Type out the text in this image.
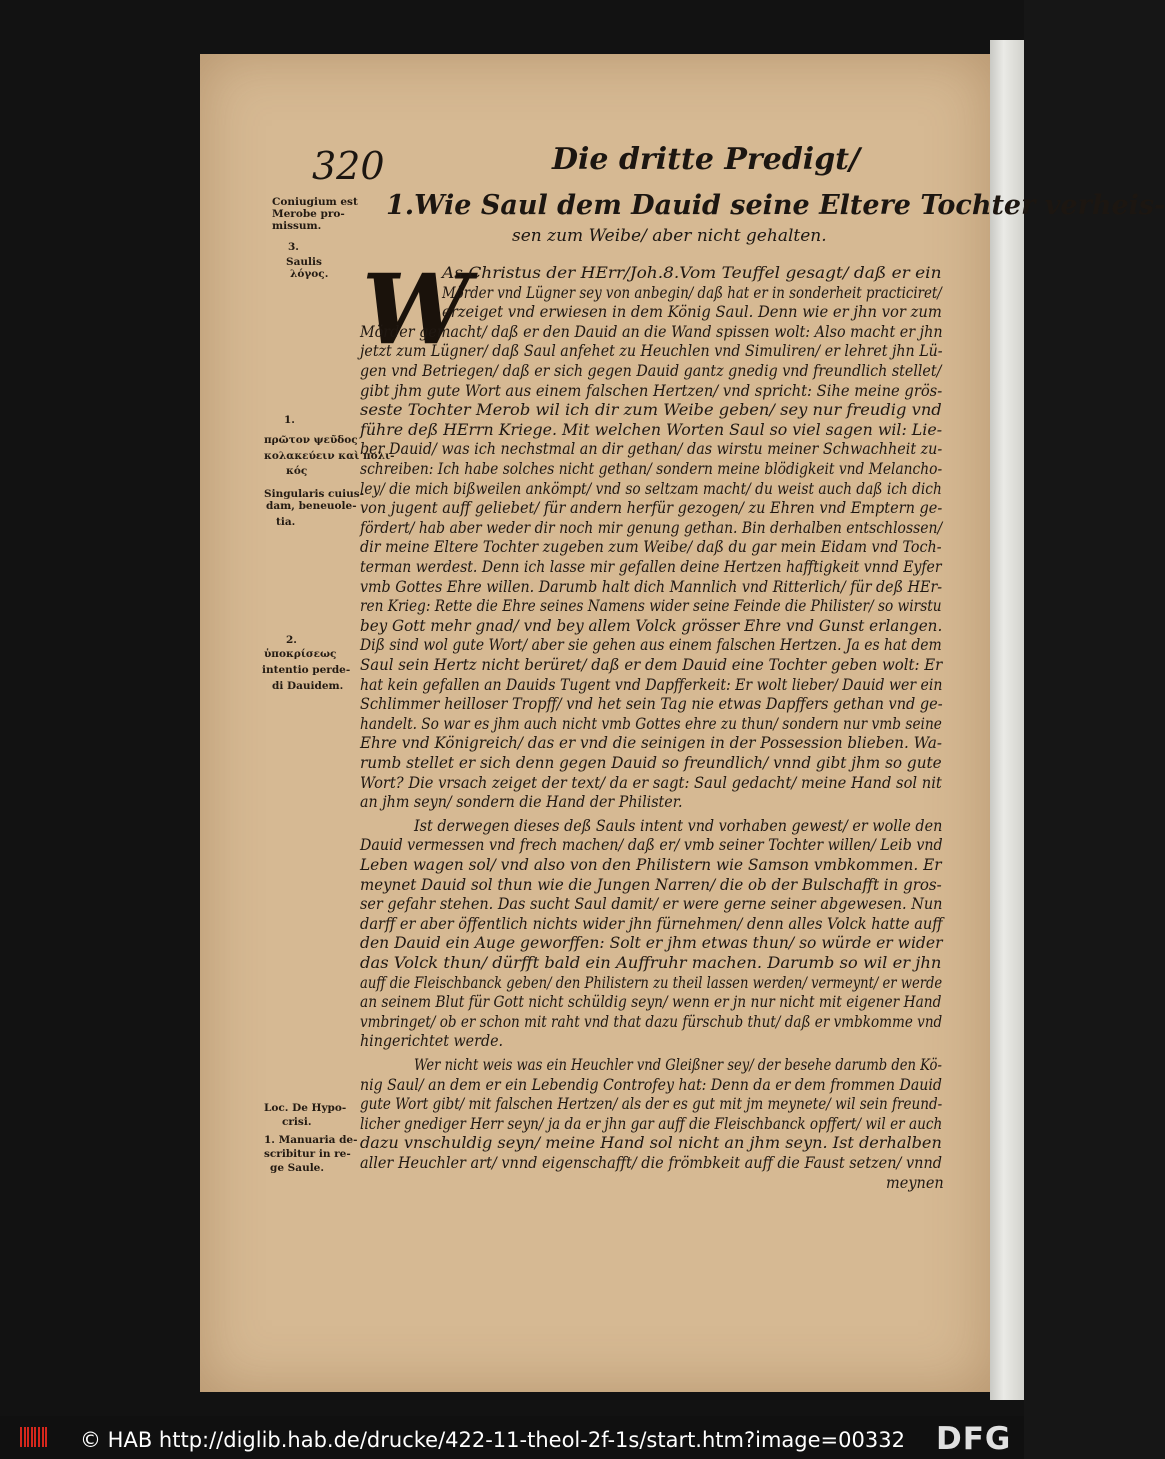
320	Die dritte Predigt/
1.Wie Saul dem Dauid seine Eltere Tochter verheis-
sen zum Weibe/ aber nicht gehalten.
W
As Christus der HErr/Joh.8.Vom Teuffel gesagt/ daß er ein
Mörder vnd Lügner sey von anbegin/ daß hat er in sonderheit practiciret/
erzeiget vnd erwiesen in dem König Saul. Denn wie er jhn vor zum
Mörder gemacht/ daß er den Dauid an die Wand spissen wolt: Also macht er jhn
jetzt zum Lügner/ daß Saul anfehet zu Heuchlen vnd Simuliren/ er lehret jhn Lü-
gen vnd Betriegen/ daß er sich gegen Dauid gantz gnedig vnd freundlich stellet/
gibt jhm gute Wort aus einem falschen Hertzen/ vnd spricht: Sihe meine grös-
seste Tochter Merob wil ich dir zum Weibe geben/ sey nur freudig vnd
führe deß HErrn Kriege. Mit welchen Worten Saul so viel sagen wil: Lie-
ber Dauid/ was ich nechstmal an dir gethan/ das wirstu meiner Schwachheit zu-
schreiben: Ich habe solches nicht gethan/ sondern meine blödigkeit vnd Melancho-
ley/ die mich bißweilen ankömpt/ vnd so seltzam macht/ du weist auch daß ich dich
von jugent auff geliebet/ für andern herfür gezogen/ zu Ehren vnd Emptern ge-
fördert/ hab aber weder dir noch mir genung gethan. Bin derhalben entschlossen/
dir meine Eltere Tochter zugeben zum Weibe/ daß du gar mein Eidam vnd Toch-
terman werdest. Denn ich lasse mir gefallen deine Hertzen hafftigkeit vnnd Eyfer
vmb Gottes Ehre willen. Darumb halt dich Mannlich vnd Ritterlich/ für deß HEr-
ren Krieg: Rette die Ehre seines Namens wider seine Feinde die Philister/ so wirstu
bey Gott mehr gnad/ vnd bey allem Volck grösser Ehre vnd Gunst erlangen.
Diß sind wol gute Wort/ aber sie gehen aus einem falschen Hertzen. Ja es hat dem
Saul sein Hertz nicht berüret/ daß er dem Dauid eine Tochter geben wolt: Er
hat kein gefallen an Dauids Tugent vnd Dapfferkeit: Er wolt lieber/ Dauid wer ein
Schlimmer heilloser Tropff/ vnd het sein Tag nie etwas Dapffers gethan vnd ge-
handelt. So war es jhm auch nicht vmb Gottes ehre zu thun/ sondern nur vmb seine
Ehre vnd Königreich/ das er vnd die seinigen in der Possession blieben. Wa-
rumb stellet er sich denn gegen Dauid so freundlich/ vnnd gibt jhm so gute
Wort? Die vrsach zeiget der text/ da er sagt: Saul gedacht/ meine Hand sol nit
an jhm seyn/ sondern die Hand der Philister.
Ist derwegen dieses deß Sauls intent vnd vorhaben gewest/ er wolle den
Dauid vermessen vnd frech machen/ daß er/ vmb seiner Tochter willen/ Leib vnd
Leben wagen sol/ vnd also von den Philistern wie Samson vmbkommen. Er
meynet Dauid sol thun wie die Jungen Narren/ die ob der Bulschafft in gros-
ser gefahr stehen. Das sucht Saul damit/ er were gerne seiner abgewesen. Nun
darff er aber öffentlich nichts wider jhn fürnehmen/ denn alles Volck hatte auff
den Dauid ein Auge geworffen: Solt er jhm etwas thun/ so würde er wider
das Volck thun/ dürfft bald ein Auffruhr machen. Darumb so wil er jhn
auff die Fleischbanck geben/ den Philistern zu theil lassen werden/ vermeynt/ er werde
an seinem Blut für Gott nicht schüldig seyn/ wenn er jn nur nicht mit eigener Hand
vmbringet/ ob er schon mit raht vnd that dazu fürschub thut/ daß er vmbkomme vnd
hingerichtet werde.
Wer nicht weis was ein Heuchler vnd Gleißner sey/ der besehe darumb den Kö-
nig Saul/ an dem er ein Lebendig Controfey hat: Denn da er dem frommen Dauid
gute Wort gibt/ mit falschen Hertzen/ als der es gut mit jm meynete/ wil sein freund-
licher gnediger Herr seyn/ ja da er jhn gar auff die Fleischbanck opffert/ wil er auch
dazu vnschuldig seyn/ meine Hand sol nicht an jhm seyn. Ist derhalben
aller Heuchler art/ vnnd eigenschafft/ die frömbkeit auff die Faust setzen/ vnnd
meynen
Coniugium est
Merobe pro-
missum.
3.
Saulis
λόγος.
1.
πρῶτον ψεῦδος
κολακεύειν καὶ πολι-
κός
Singularis cuius-
dam, beneuole-
tia.
2.
ὑποκρίσεως
intentio perde-
di Dauidem.
Loc. De Hypo-
crisi.
1. Manuaria de-
scribitur in re-
ge Saule.
© HAB http://diglib.hab.de/drucke/422-11-theol-2f-1s/start.htm?image=00332 DFG
